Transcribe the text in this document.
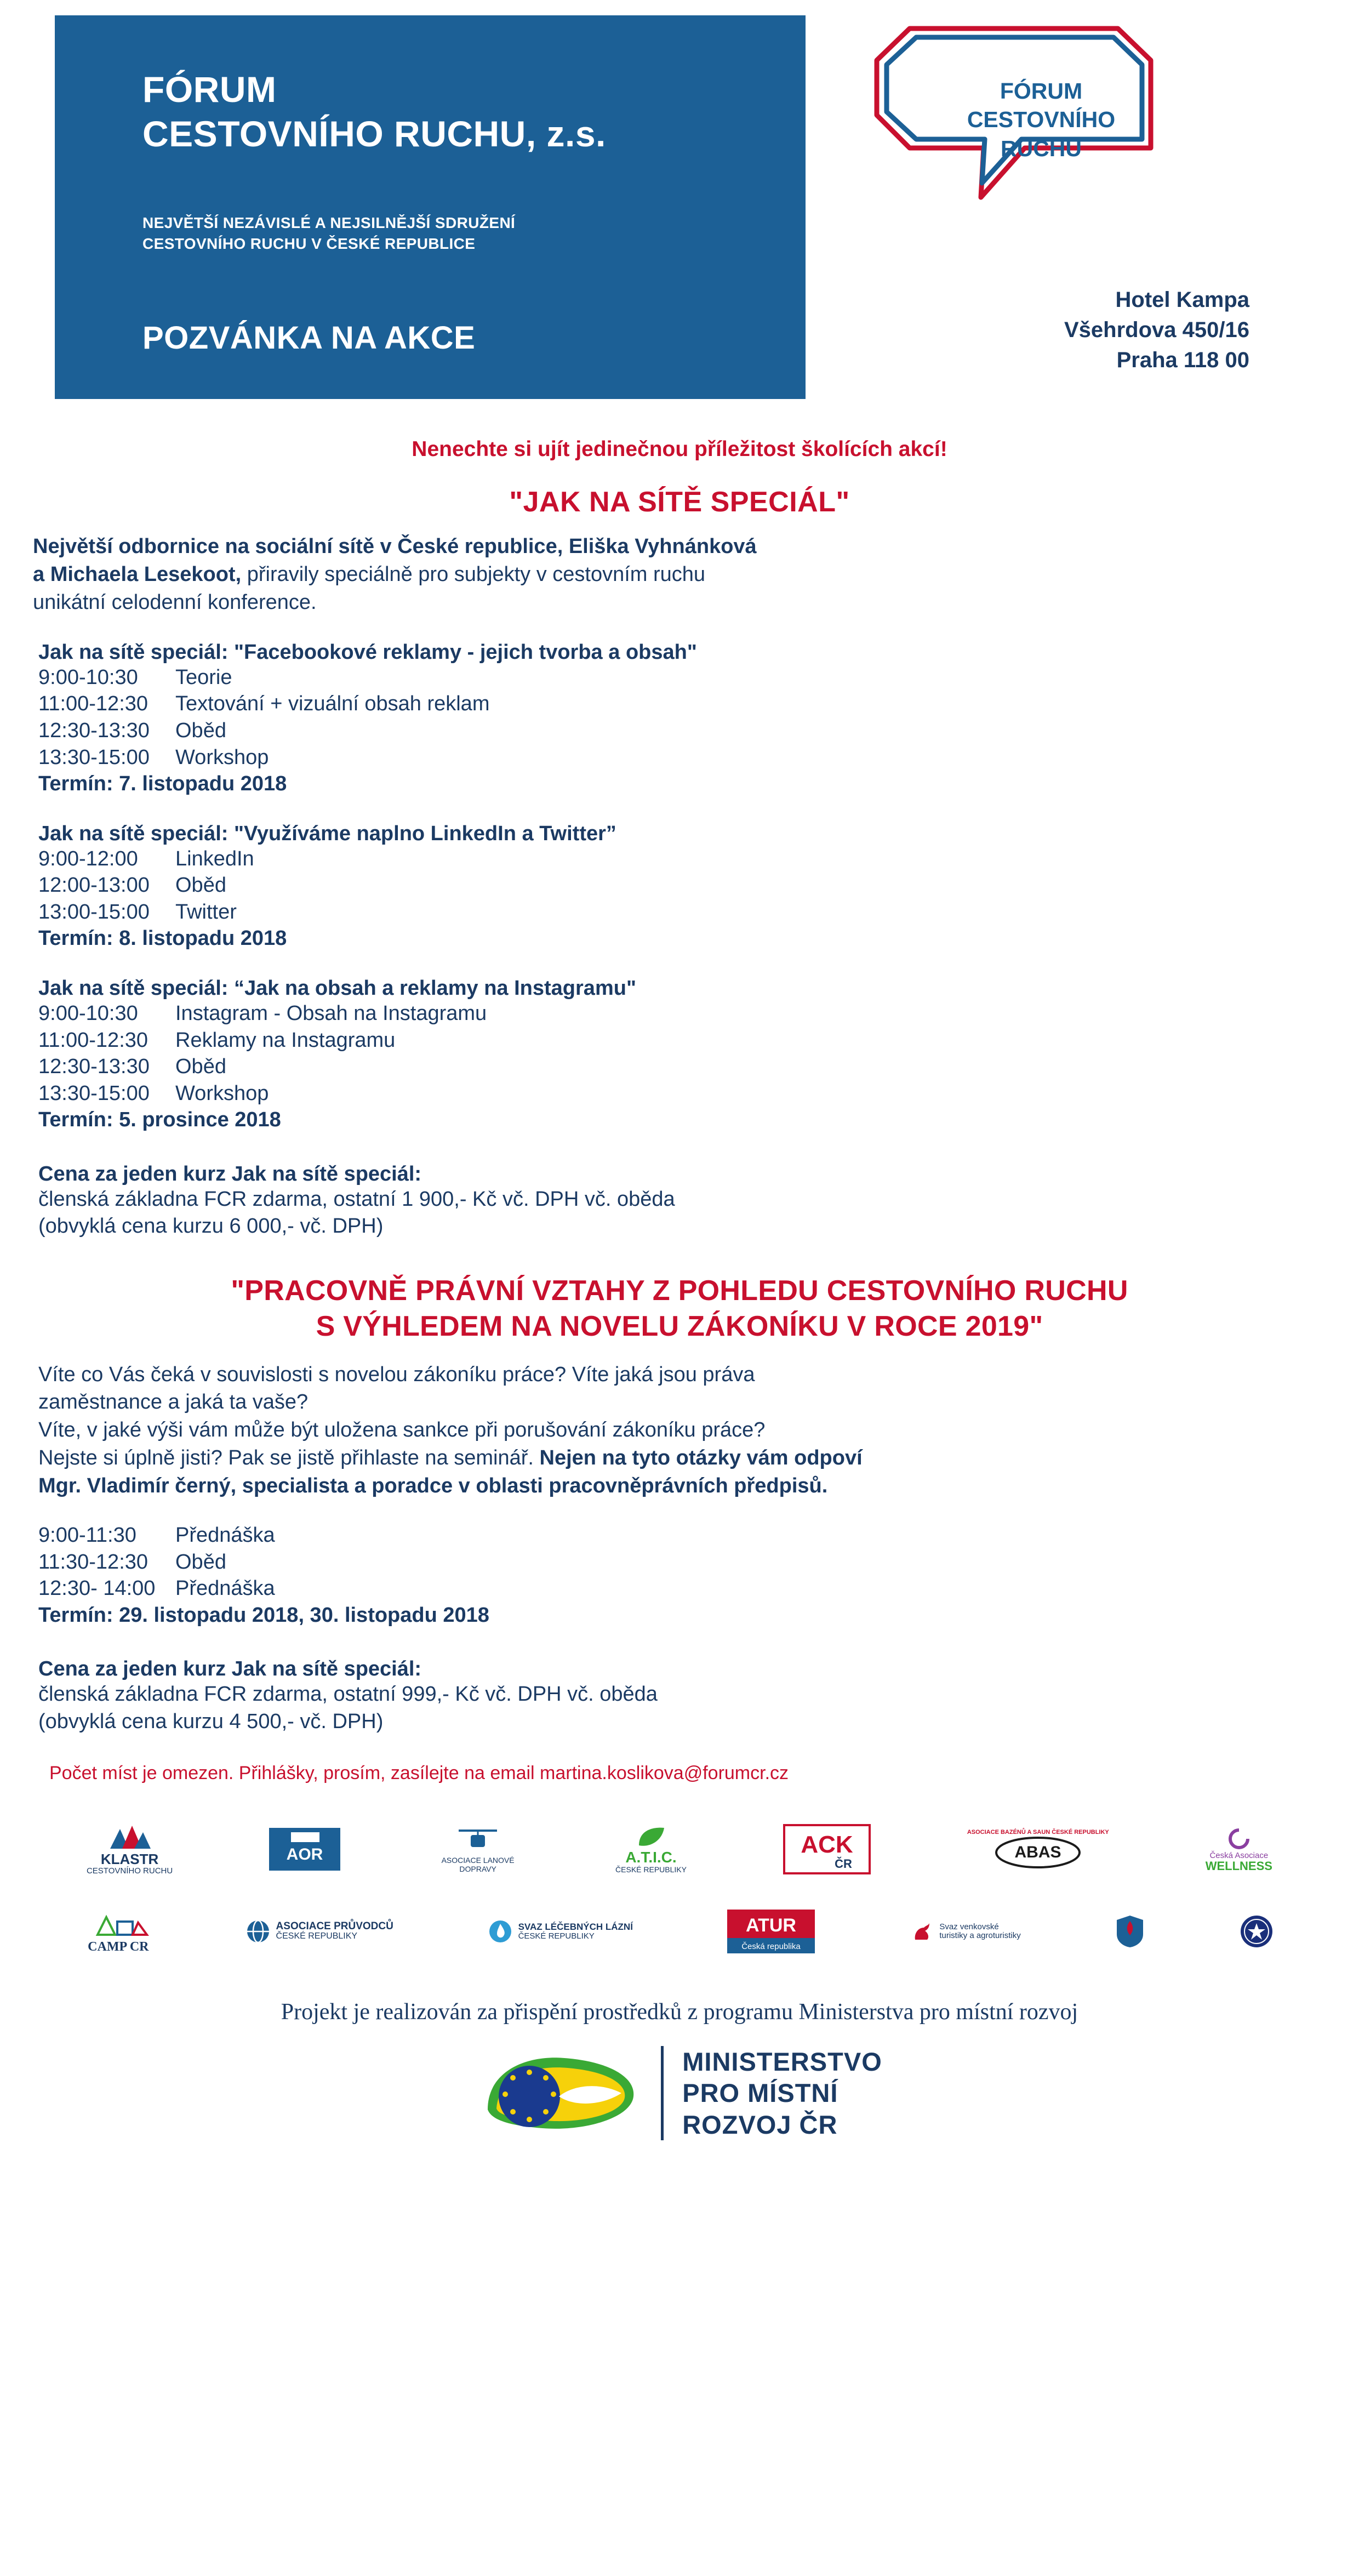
FÓRUM
CESTOVNÍHO RUCHU, z.s.
NEJVĚTŠÍ NEZÁVISLÉ A NEJSILNĚJŠÍ SDRUŽENÍ
CESTOVNÍHO RUCHU V ČESKÉ REPUBLICE
POZVÁNKA NA AKCE
FÓRUM
CESTOVNÍHO
RUCHU
Hotel Kampa
Všehrdova 450/16
Praha 118 00
Nenechte si ujít jedinečnou příležitost školících akcí!
"JAK NA SÍTĚ SPECIÁL"
Největší odbornice na sociální sítě v České republice, Eliška Vyhnánková
a Michaela Lesekoot, přiravily speciálně pro subjekty v cestovním ruchu
unikátní celodenní konference.
Jak na sítě speciál: "Facebookové reklamy - jejich tvorba a obsah"
9:00-10:30	Teorie
11:00-12:30	Textování + vizuální obsah reklam
12:30-13:30	Oběd
13:30-15:00	Workshop
Termín: 7. listopadu 2018
Jak na sítě speciál: "Využíváme naplno LinkedIn a Twitter”
9:00-12:00	LinkedIn
12:00-13:00	Oběd
13:00-15:00	Twitter
Termín: 8. listopadu 2018
Jak na sítě speciál: “Jak na obsah a reklamy na Instagramu"
9:00-10:30	Instagram - Obsah na Instagramu
11:00-12:30	Reklamy na Instagramu
12:30-13:30	Oběd
13:30-15:00	Workshop
Termín: 5. prosince 2018
Cena za jeden kurz Jak na sítě speciál:
členská základna FCR zdarma, ostatní 1 900,- Kč vč. DPH vč. oběda
(obvyklá cena kurzu 6 000,- vč. DPH)
"PRACOVNĚ PRÁVNÍ VZTAHY Z POHLEDU CESTOVNÍHO RUCHU
S VÝHLEDEM NA NOVELU ZÁKONÍKU V ROCE 2019"
Víte co Vás čeká v souvislosti s novelou zákoníku práce? Víte jaká jsou práva
zaměstnance a jaká ta vaše?
Víte, v jaké výši vám může být uložena sankce při porušování zákoníku práce?
Nejste si úplně jisti? Pak se jistě přihlaste na seminář. Nejen na tyto otázky vám odpoví
Mgr. Vladimír černý, specialista a poradce v oblasti pracovněprávních předpisů.
9:00-11:30	Přednáška
11:30-12:30	Oběd
12:30- 14:00 Přednáška
Termín: 29. listopadu 2018, 30. listopadu 2018
Cena za jeden kurz Jak na sítě speciál:
členská základna FCR zdarma, ostatní 999,- Kč vč. DPH vč. oběda
(obvyklá cena kurzu 4 500,- vč. DPH)
Počet míst je omezen. Přihlášky, prosím, zasílejte na email martina.koslikova@forumcr.cz
KLASTR
CESTOVNÍHO RUCHU
AOR	ASOCIACE LANOVÉ DOPRAVY
A.T.I.C.
ČESKÉ REPUBLIKY
ACK
ČR
ASOCIACE BAZÉNŮ A SAUN ČESKÉ REPUBLIKY
ABAS	Česká Asociace
WELLNESS
CAMP CR
ASOCIACE PRŮVODCŮ
ČESKÉ REPUBLIKY
SVAZ LÉČEBNÝCH LÁZNÍ
ČESKÉ REPUBLIKY
ATUR
Česká republika
Svaz venkovské
turistiky a agroturistiky
Projekt je realizován za přispění prostředků z programu Ministerstva pro místní rozvoj
MINISTERSTVO
PRO MÍSTNÍ
ROZVOJ ČR
